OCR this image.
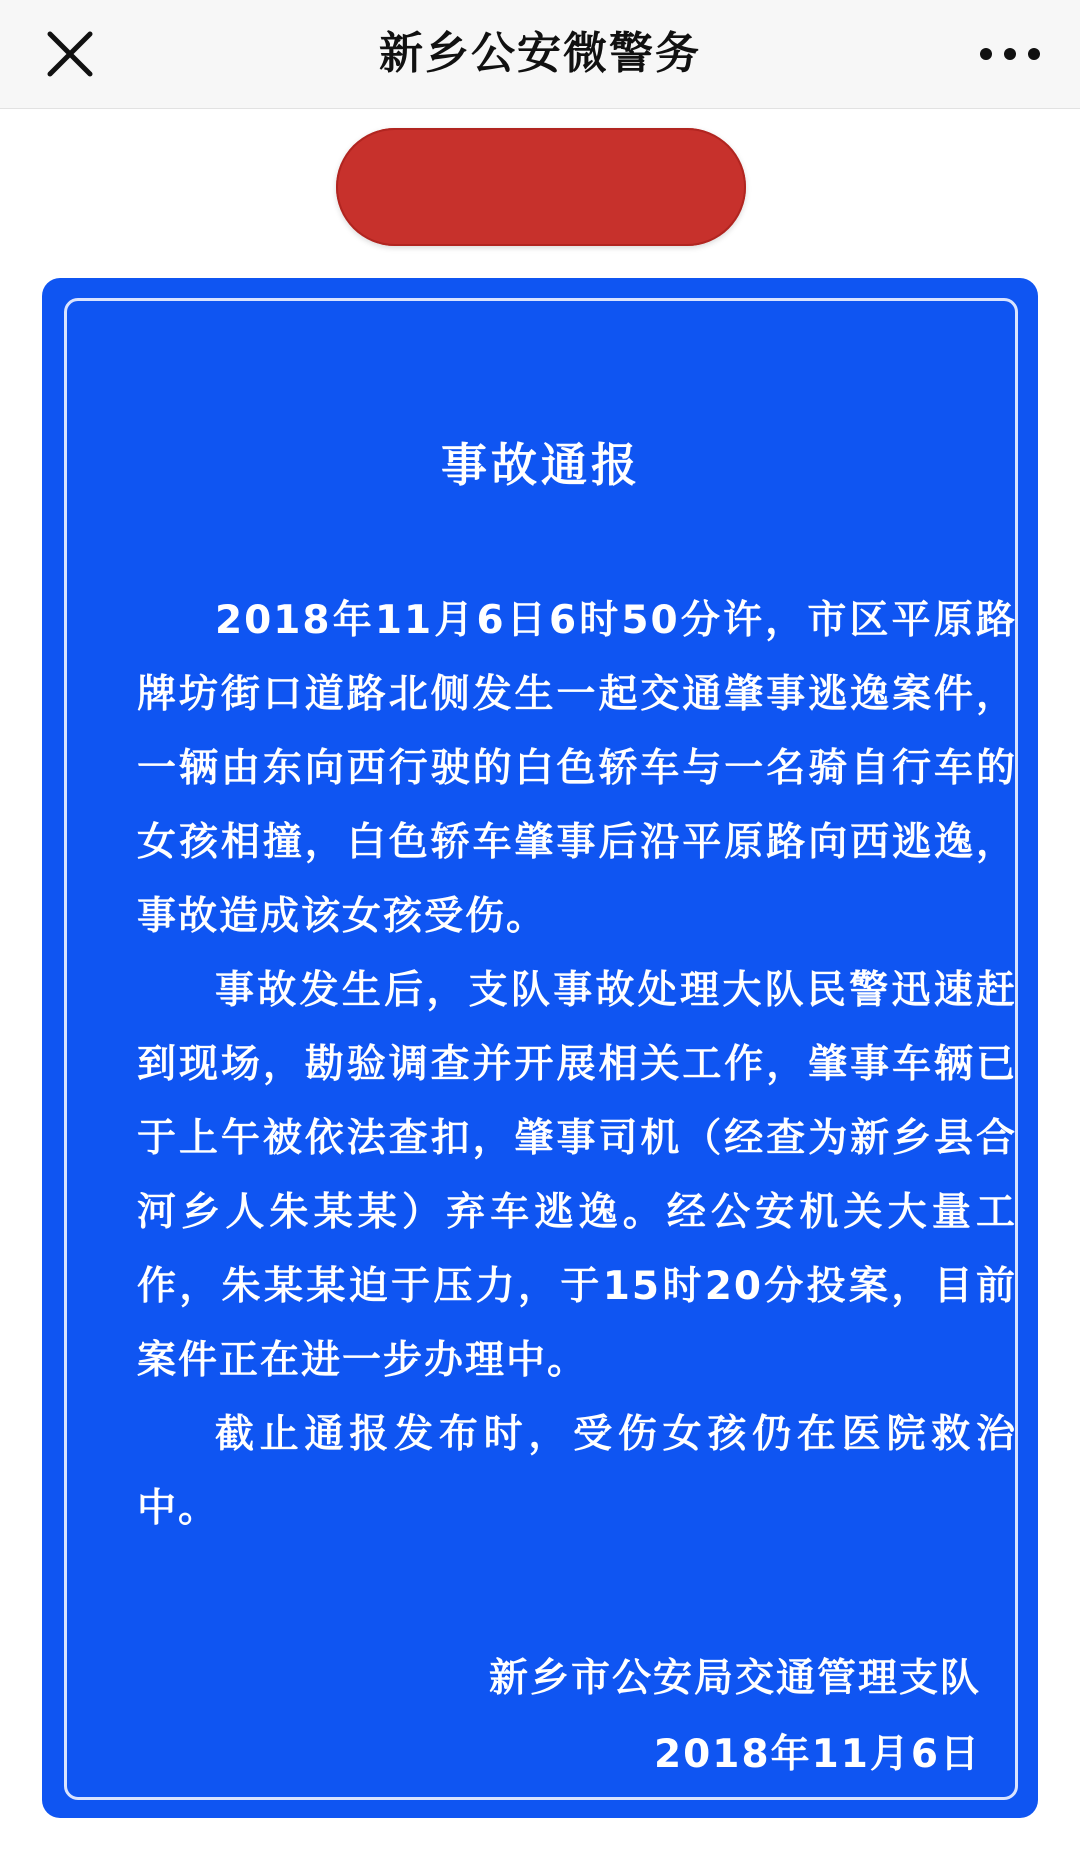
新乡公安微警务
事故通报

2018年11月6日6时50分许，市区平原路牌坊街口道路北侧发生一起交通肇事逃逸案件，一辆由东向西行驶的白色轿车与一名骑自行车的女孩相撞，白色轿车肇事后沿平原路向西逃逸，事故造成该女孩受伤。

事故发生后，支队事故处理大队民警迅速赶到现场，勘验调查并开展相关工作，肇事车辆已于上午被依法查扣，肇事司机（经查为新乡县合河乡人朱某某）弃车逃逸。经公安机关大量工作，朱某某迫于压力，于15时20分投案，目前案件正在进一步办理中。

截止通报发布时，受伤女孩仍在医院救治中。

新乡市公安局交通管理支队
2018年11月6日
